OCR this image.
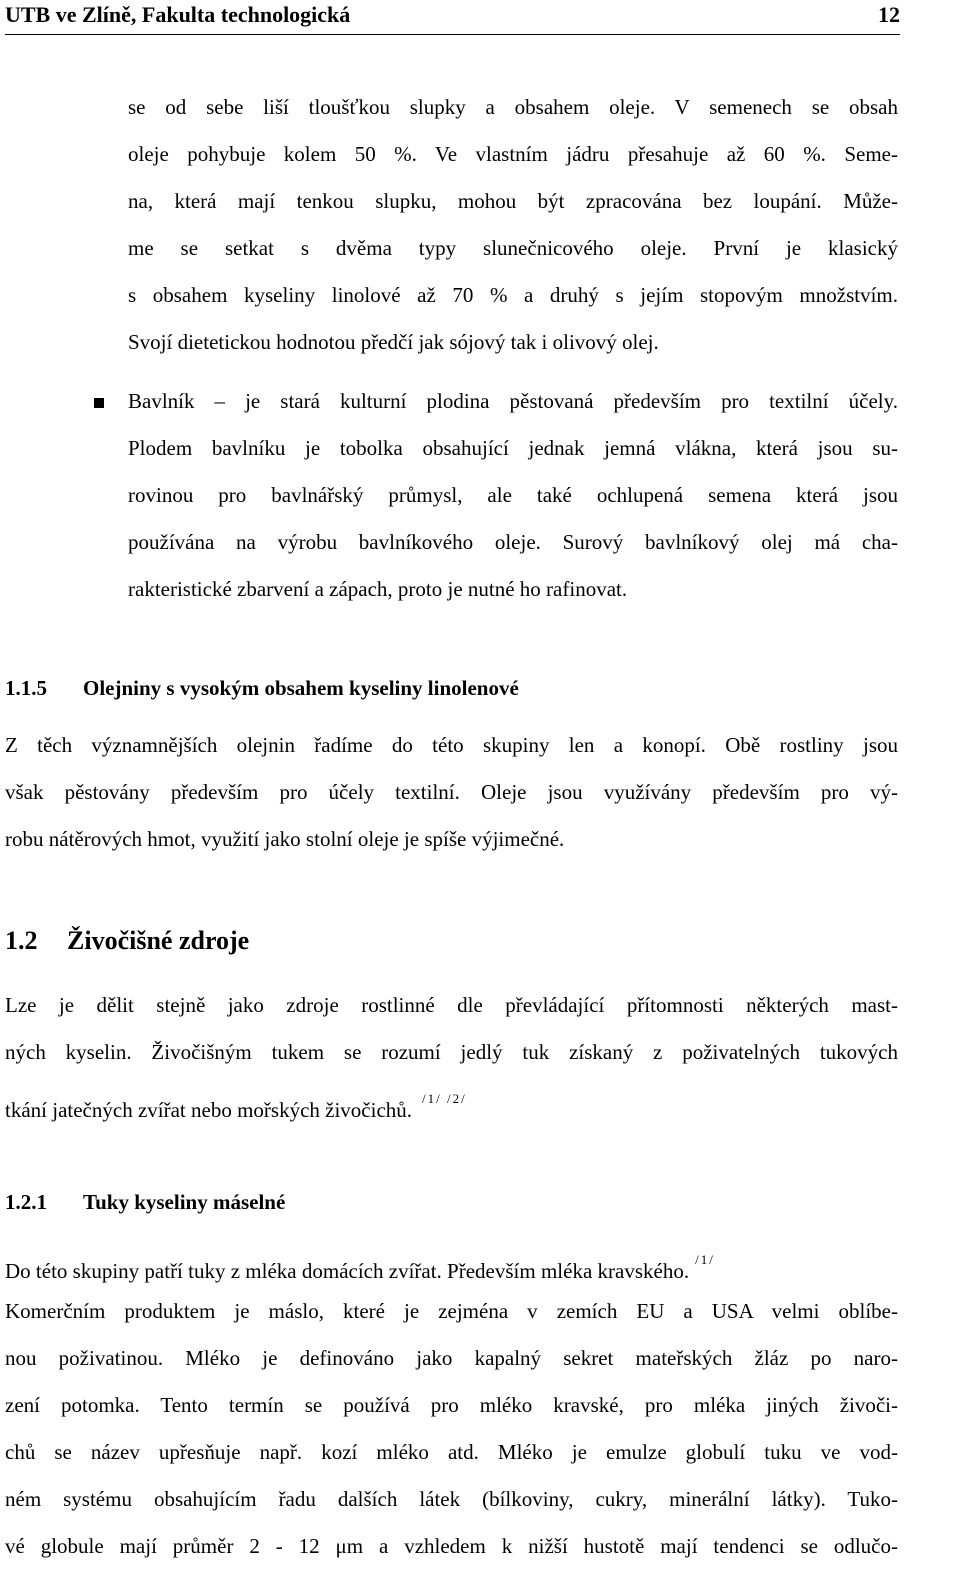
UTB ve Zlíně, Fakulta technologická	12
se od sebe liší tloušťkou slupky a obsahem oleje. V semenech se obsah
oleje pohybuje kolem 50 %. Ve vlastním jádru přesahuje až 60 %. Seme-
na, která mají tenkou slupku, mohou být zpracována bez loupání. Může-
me se setkat s dvěma typy slunečnicového oleje. První je klasický
s obsahem kyseliny linolové až 70 % a druhý s jejím stopovým množstvím.
Svojí dietetickou hodnotou předčí jak sójový tak i olivový olej.
Bavlník – je stará kulturní plodina pěstovaná především pro textilní účely.
Plodem bavlníku je tobolka obsahující jednak jemná vlákna, která jsou su-
rovinou pro bavlnářský průmysl, ale také ochlupená semena která jsou
používána na výrobu bavlníkového oleje. Surový bavlníkový olej má cha-
rakteristické zbarvení a zápach, proto je nutné ho rafinovat.
1.1.5 Olejniny s vysokým obsahem kyseliny linolenové
Z těch významnějších olejnin řadíme do této skupiny len a konopí. Obě rostliny jsou
však pěstovány především pro účely textilní. Oleje jsou využívány především pro vý-
robu nátěrových hmot, využití jako stolní oleje je spíše výjimečné.
1.2 Živočišné zdroje
Lze je dělit stejně jako zdroje rostlinné dle převládající přítomnosti některých mast-
ných kyselin. Živočišným tukem se rozumí jedlý tuk získaný z poživatelných tukových
tkání jatečných zvířat nebo mořských živočichů. $^{/1/ /2/}$
1.2.1 Tuky kyseliny máselné
Do této skupiny patří tuky z mléka domácích zvířat. Především mléka kravského. $^{/1/}$
Komerčním produktem je máslo, které je zejména v zemích EU a USA velmi oblíbe-
nou poživatinou. Mléko je definováno jako kapalný sekret mateřských žláz po naro-
zení potomka. Tento termín se používá pro mléko kravské, pro mléka jiných živoči-
chů se název upřesňuje např. kozí mléko atd. Mléko je emulze globulí tuku ve vod-
ném systému obsahujícím řadu dalších látek (bílkoviny, cukry, minerální látky). Tuko-
vé globule mají průměr 2 - 12 μm a vzhledem k nižší hustotě mají tendenci se odlučo-
